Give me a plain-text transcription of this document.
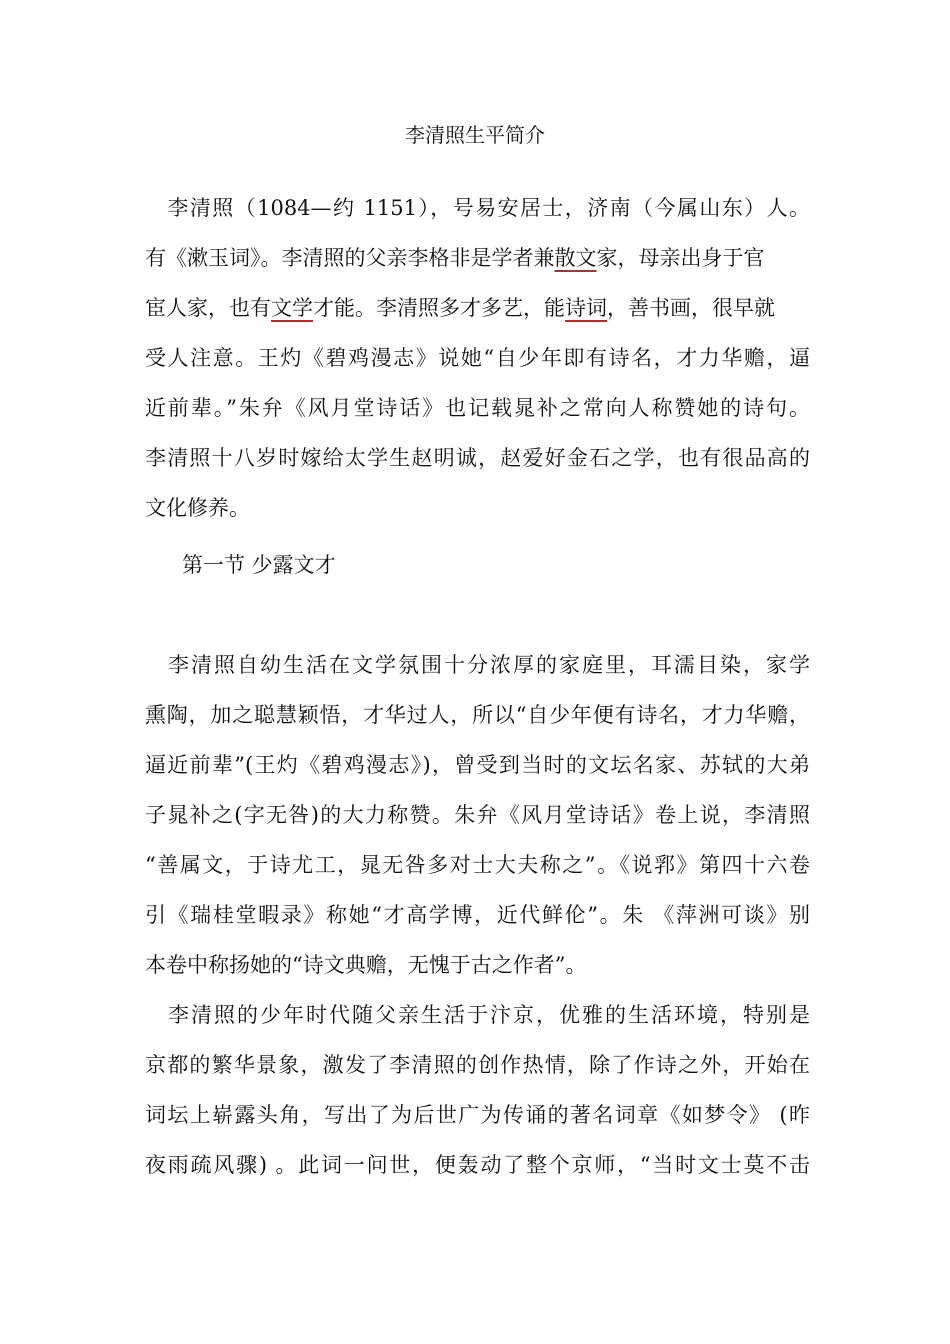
李清照生平简介
　李清照（1084—约 1151），号易安居士，济南（今属山东）人。
有《漱玉词》。李清照的父亲李格非是学者兼散文家，母亲出身于官
宦人家，也有文学才能。李清照多才多艺，能诗词，善书画，很早就
受人注意。王灼《碧鸡漫志》说她“自少年即有诗名，才力华赡，逼
近前辈。”朱弁《风月堂诗话》也记载晁补之常向人称赞她的诗句。
李清照十八岁时嫁给太学生赵明诚，赵爱好金石之学，也有很品高的
文化修养。
第一节 少露文才
　李清照自幼生活在文学氛围十分浓厚的家庭里，耳濡目染，家学
熏陶，加之聪慧颖悟，才华过人，所以“自少年便有诗名，才力华赡，
逼近前辈”(王灼《碧鸡漫志》)，曾受到当时的文坛名家、苏轼的大弟
子晁补之(字无咎)的大力称赞。朱弁《风月堂诗话》卷上说，李清照
“善属文，于诗尤工，晁无咎多对士大夫称之”。《说郛》第四十六卷
引《瑞桂堂暇录》称她“才高学博，近代鲜伦”。朱 《萍洲可谈》别
本卷中称扬她的“诗文典赡，无愧于古之作者”。
　李清照的少年时代随父亲生活于汴京，优雅的生活环境，特别是
京都的繁华景象，激发了李清照的创作热情，除了作诗之外，开始在
词坛上崭露头角，写出了为后世广为传诵的著名词章《如梦令》 (昨
夜雨疏风骤) 。此词一问世，便轰动了整个京师，“当时文士莫不击
